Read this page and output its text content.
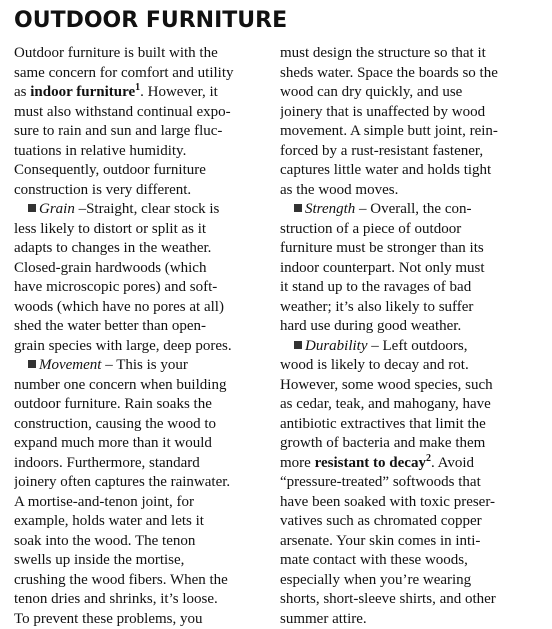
OUTDOOR FURNITURE
Outdoor furniture is built with the
same concern for comfort and utility
as indoor furniture$^1$. However, it
must also withstand continual expo-
sure to rain and sun and large fluc-
tuations in relative humidity.
Consequently, outdoor furniture
construction is very different.
Grain –Straight, clear stock is
less likely to distort or split as it
adapts to changes in the weather.
Closed-grain hardwoods (which
have microscopic pores) and soft-
woods (which have no pores at all)
shed the water better than open-
grain species with large, deep pores.
Movement – This is your
number one concern when building
outdoor furniture. Rain soaks the
construction, causing the wood to
expand much more than it would
indoors. Furthermore, standard
joinery often captures the rainwater.
A mortise-and-tenon joint, for
example, holds water and lets it
soak into the wood. The tenon
swells up inside the mortise,
crushing the wood fibers. When the
tenon dries and shrinks, it’s loose.
To prevent these problems, you
must design the structure so that it
sheds water. Space the boards so the
wood can dry quickly, and use
joinery that is unaffected by wood
movement. A simple butt joint, rein-
forced by a rust-resistant fastener,
captures little water and holds tight
as the wood moves.
Strength – Overall, the con-
struction of a piece of outdoor
furniture must be stronger than its
indoor counterpart. Not only must
it stand up to the ravages of bad
weather; it’s also likely to suffer
hard use during good weather.
Durability – Left outdoors,
wood is likely to decay and rot.
However, some wood species, such
as cedar, teak, and mahogany, have
antibiotic extractives that limit the
growth of bacteria and make them
more resistant to decay$^2$. Avoid
“pressure-treated” softwoods that
have been soaked with toxic preser-
vatives such as chromated copper
arsenate. Your skin comes in inti-
mate contact with these woods,
especially when you’re wearing
shorts, short-sleeve shirts, and other
summer attire.
